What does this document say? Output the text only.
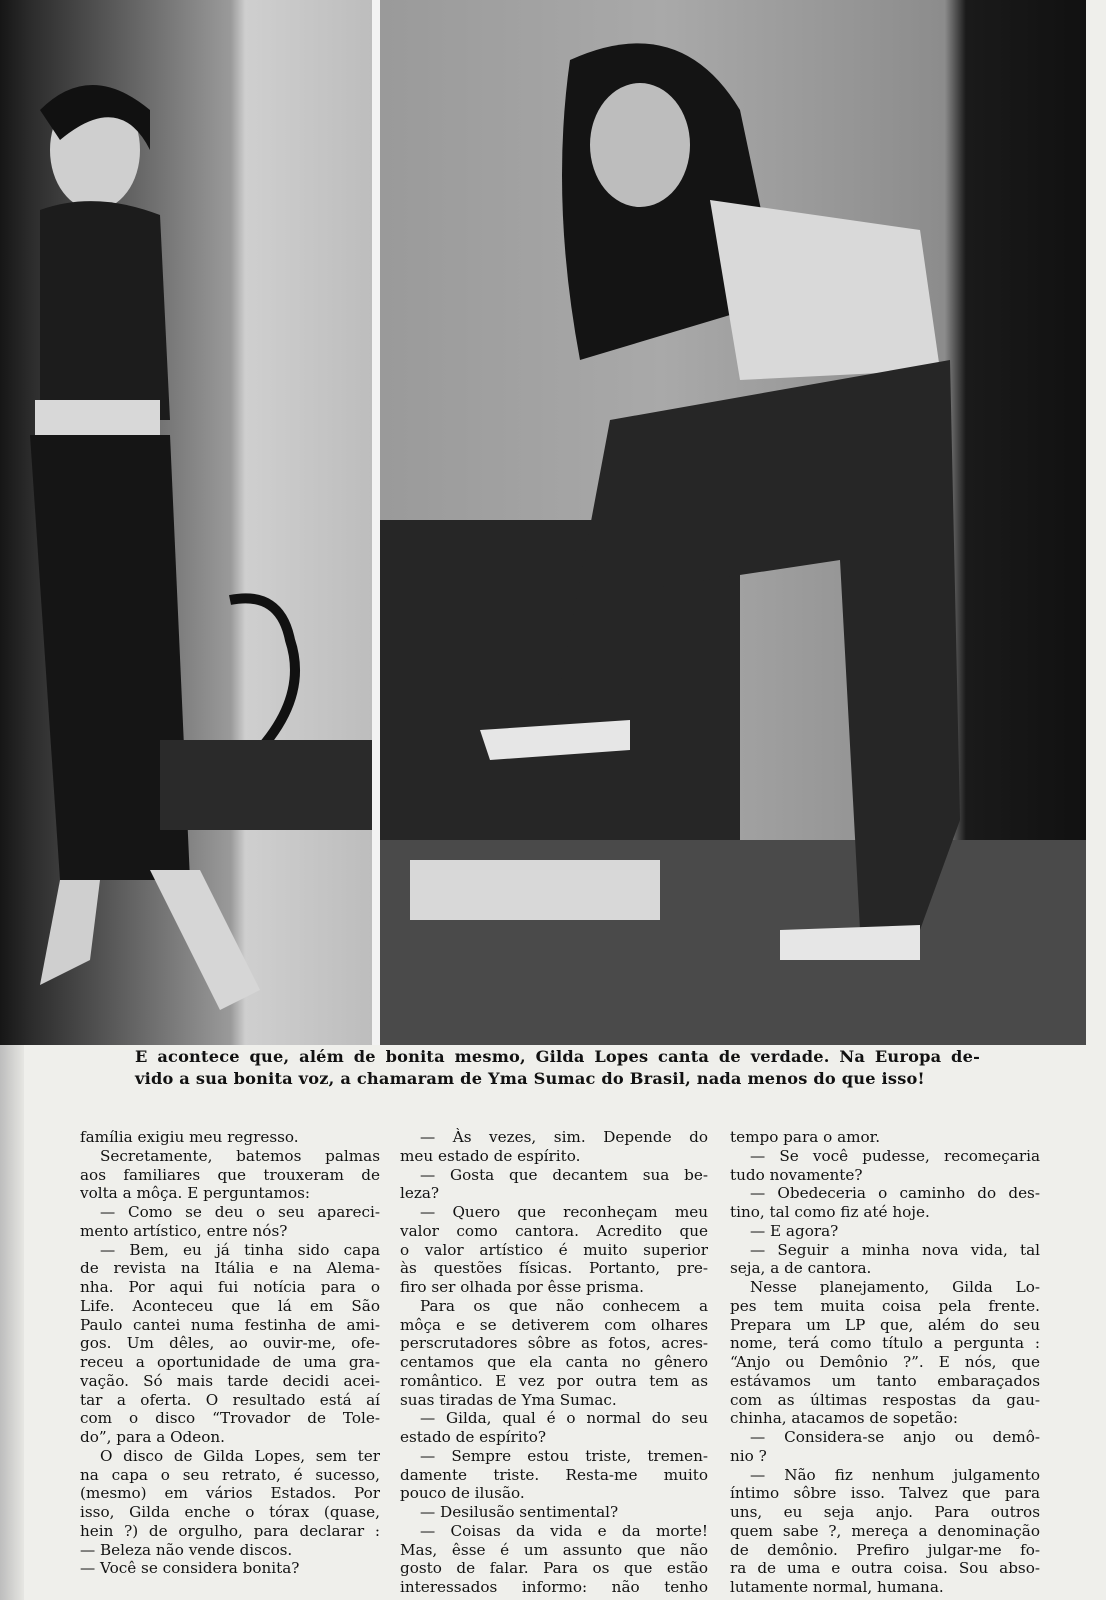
E acontece que, além de bonita mesmo, Gilda Lopes canta de verdade. Na Europa de-
vido a sua bonita voz, a chamaram de Yma Sumac do Brasil, nada menos do que isso!
família exigiu meu regresso.
Secretamente, batemos palmas
aos familiares que trouxeram de
volta a môça. E perguntamos:
— Como se deu o seu apareci-
mento artístico, entre nós?
— Bem, eu já tinha sido capa
de revista na Itália e na Alema-
nha. Por aqui fui notícia para o
Life. Aconteceu que lá em São
Paulo cantei numa festinha de ami-
gos. Um dêles, ao ouvir-me, ofe-
receu a oportunidade de uma gra-
vação. Só mais tarde decidi acei-
tar a oferta. O resultado está aí
com o disco “Trovador de Tole-
do”, para a Odeon.
O disco de Gilda Lopes, sem ter
na capa o seu retrato, é sucesso,
(mesmo) em vários Estados. Por
isso, Gilda enche o tórax (quase,
hein ?) de orgulho, para declarar :
— Beleza não vende discos.
— Você se considera bonita?
— Às vezes, sim. Depende do
meu estado de espírito.
— Gosta que decantem sua be-
leza?
— Quero que reconheçam meu
valor como cantora. Acredito que
o valor artístico é muito superior
às questões físicas. Portanto, pre-
firo ser olhada por êsse prisma.
Para os que não conhecem a
môça e se detiverem com olhares
perscrutadores sôbre as fotos, acres-
centamos que ela canta no gênero
romântico. E vez por outra tem as
suas tiradas de Yma Sumac.
— Gilda, qual é o normal do seu
estado de espírito?
— Sempre estou triste, tremen-
damente triste. Resta-me muito
pouco de ilusão.
— Desilusão sentimental?
— Coisas da vida e da morte!
Mas, êsse é um assunto que não
gosto de falar. Para os que estão
interessados informo: não tenho
tempo para o amor.
— Se você pudesse, recomeçaria
tudo novamente?
— Obedeceria o caminho do des-
tino, tal como fiz até hoje.
— E agora?
— Seguir a minha nova vida, tal
seja, a de cantora.
Nesse planejamento, Gilda Lo-
pes tem muita coisa pela frente.
Prepara um LP que, além do seu
nome, terá como título a pergunta :
“Anjo ou Demônio ?”. E nós, que
estávamos um tanto embaraçados
com as últimas respostas da gau-
chinha, atacamos de sopetão:
— Considera-se anjo ou demô-
nio ?
— Não fiz nenhum julgamento
íntimo sôbre isso. Talvez que para
uns, eu seja anjo. Para outros
quem sabe ?, mereça a denominação
de demônio. Prefiro julgar-me fo-
ra de uma e outra coisa. Sou abso-
lutamente normal, humana.
